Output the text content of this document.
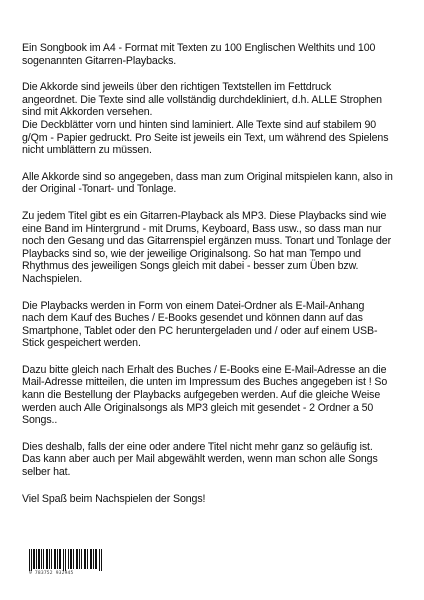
Ein Songbook im A4 - Format mit Texten zu 100 Englischen Welthits und 100
sogenannten Gitarren-Playbacks.

Die Akkorde sind jeweils über den richtigen Textstellen im Fettdruck
angeordnet. Die Texte sind alle vollständig durchdekliniert, d.h. ALLE Strophen
sind mit Akkorden versehen.
Die Deckblätter vorn und hinten sind laminiert. Alle Texte sind auf stabilem 90
g/Qm - Papier gedruckt. Pro Seite ist jeweils ein Text, um während des Spielens
nicht umblättern zu müssen.

Alle Akkorde sind so angegeben, dass man zum Original mitspielen kann, also in
der Original -Tonart- und Tonlage.

Zu jedem Titel gibt es ein Gitarren-Playback als MP3. Diese Playbacks sind wie
eine Band im Hintergrund - mit Drums, Keyboard, Bass usw., so dass man nur
noch den Gesang und das Gitarrenspiel ergänzen muss. Tonart und Tonlage der
Playbacks sind so, wie der jeweilige Originalsong. So hat man Tempo und
Rhythmus des jeweiligen Songs gleich mit dabei - besser zum Üben bzw.
Nachspielen.

Die Playbacks werden in Form von einem Datei-Ordner als E-Mail-Anhang
nach dem Kauf des Buches / E-Books gesendet und können dann auf das
Smartphone, Tablet oder den PC heruntergeladen und / oder auf einem USB-
Stick gespeichert werden.

Dazu bitte gleich nach Erhalt des Buches / E-Books eine E-Mail-Adresse an die
Mail-Adresse mitteilen, die unten im Impressum des Buches angegeben ist ! So
kann die Bestellung der Playbacks aufgegeben werden. Auf die gleiche Weise
werden auch Alle Originalsongs als MP3 gleich mit gesendet - 2 Ordner a 50
Songs..

Dies deshalb, falls der eine oder andere Titel nicht mehr ganz so geläufig ist.
Das kann aber auch per Mail abgewählt werden, wenn man schon alle Songs
selber hat.

Viel Spaß beim Nachspielen der Songs!

9 783752 932945
